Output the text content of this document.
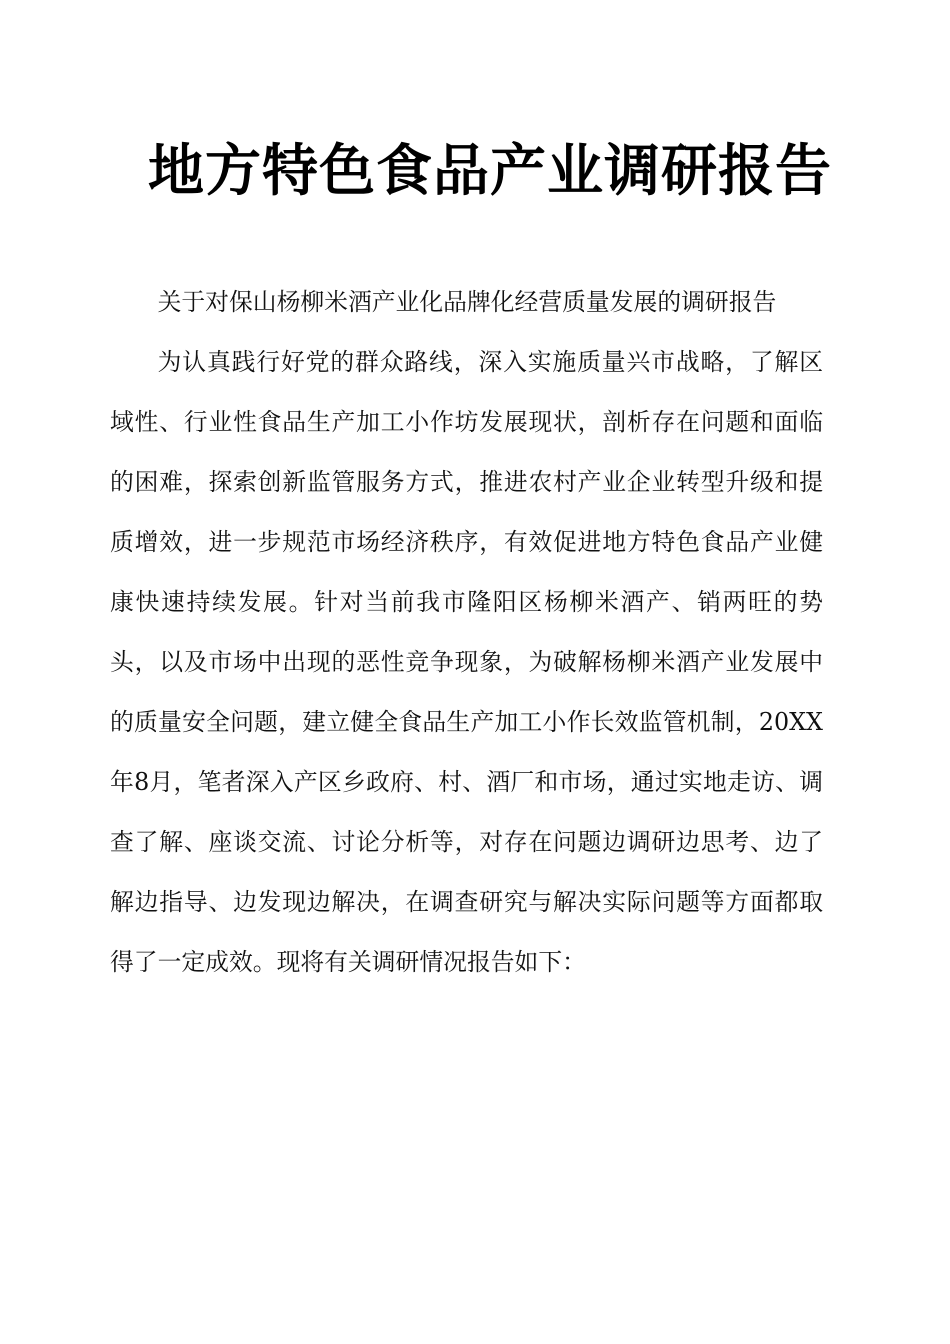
地方特色食品产业调研报告

关于对保山杨柳米酒产业化品牌化经营质量发展的调研报告

为认真践行好党的群众路线，深入实施质量兴市战略，了解区域性、行业性食品生产加工小作坊发展现状，剖析存在问题和面临的困难，探索创新监管服务方式，推进农村产业企业转型升级和提质增效，进一步规范市场经济秩序，有效促进地方特色食品产业健康快速持续发展。针对当前我市隆阳区杨柳米酒产、销两旺的势头，以及市场中出现的恶性竞争现象，为破解杨柳米酒产业发展中的质量安全问题，建立健全食品生产加工小作长效监管机制，20XX年8月，笔者深入产区乡政府、村、酒厂和市场，通过实地走访、调查了解、座谈交流、讨论分析等，对存在问题边调研边思考、边了解边指导、边发现边解决，在调查研究与解决实际问题等方面都取得了一定成效。现将有关调研情况报告如下：
